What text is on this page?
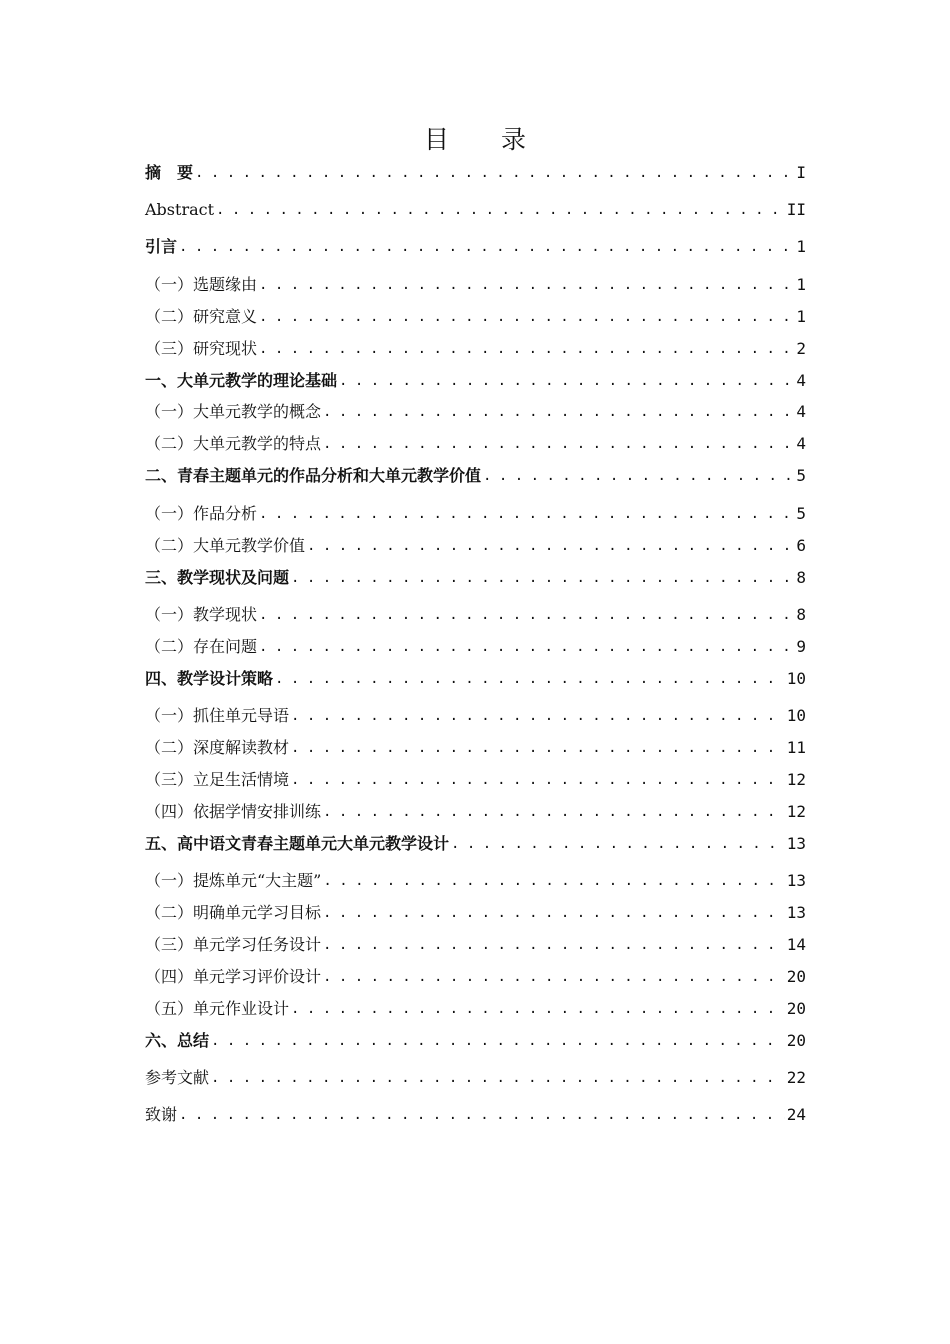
目 录
摘　要 . . .	I
Abstract . . .	II
引言 . . .	1
（一）选题缘由 . . .	1
（二）研究意义 . . .	1
（三）研究现状 . . .	2
一、大单元教学的理论基础 . . .	4
（一）大单元教学的概念 . . .	4
（二）大单元教学的特点 . . .	4
二、青春主题单元的作品分析和大单元教学价值 . . .	5
（一）作品分析 . . .	5
（二）大单元教学价值 . . .	6
三、教学现状及问题 . . .	8
（一）教学现状 . . .	8
（二）存在问题 . . .	9
四、教学设计策略 . . .	10
（一）抓住单元导语 . . .	10
（二）深度解读教材 . . .	11
（三）立足生活情境 . . .	12
（四）依据学情安排训练 . . .	12
五、高中语文青春主题单元大单元教学设计 . . .	13
（一）提炼单元“大主题” . . .	13
（二）明确单元学习目标 . . .	13
（三）单元学习任务设计 . . .	14
（四）单元学习评价设计 . . .	20
（五）单元作业设计 . . .	20
六、总结 . . .	20
参考文献 . . .	22
致谢 . . .	24
